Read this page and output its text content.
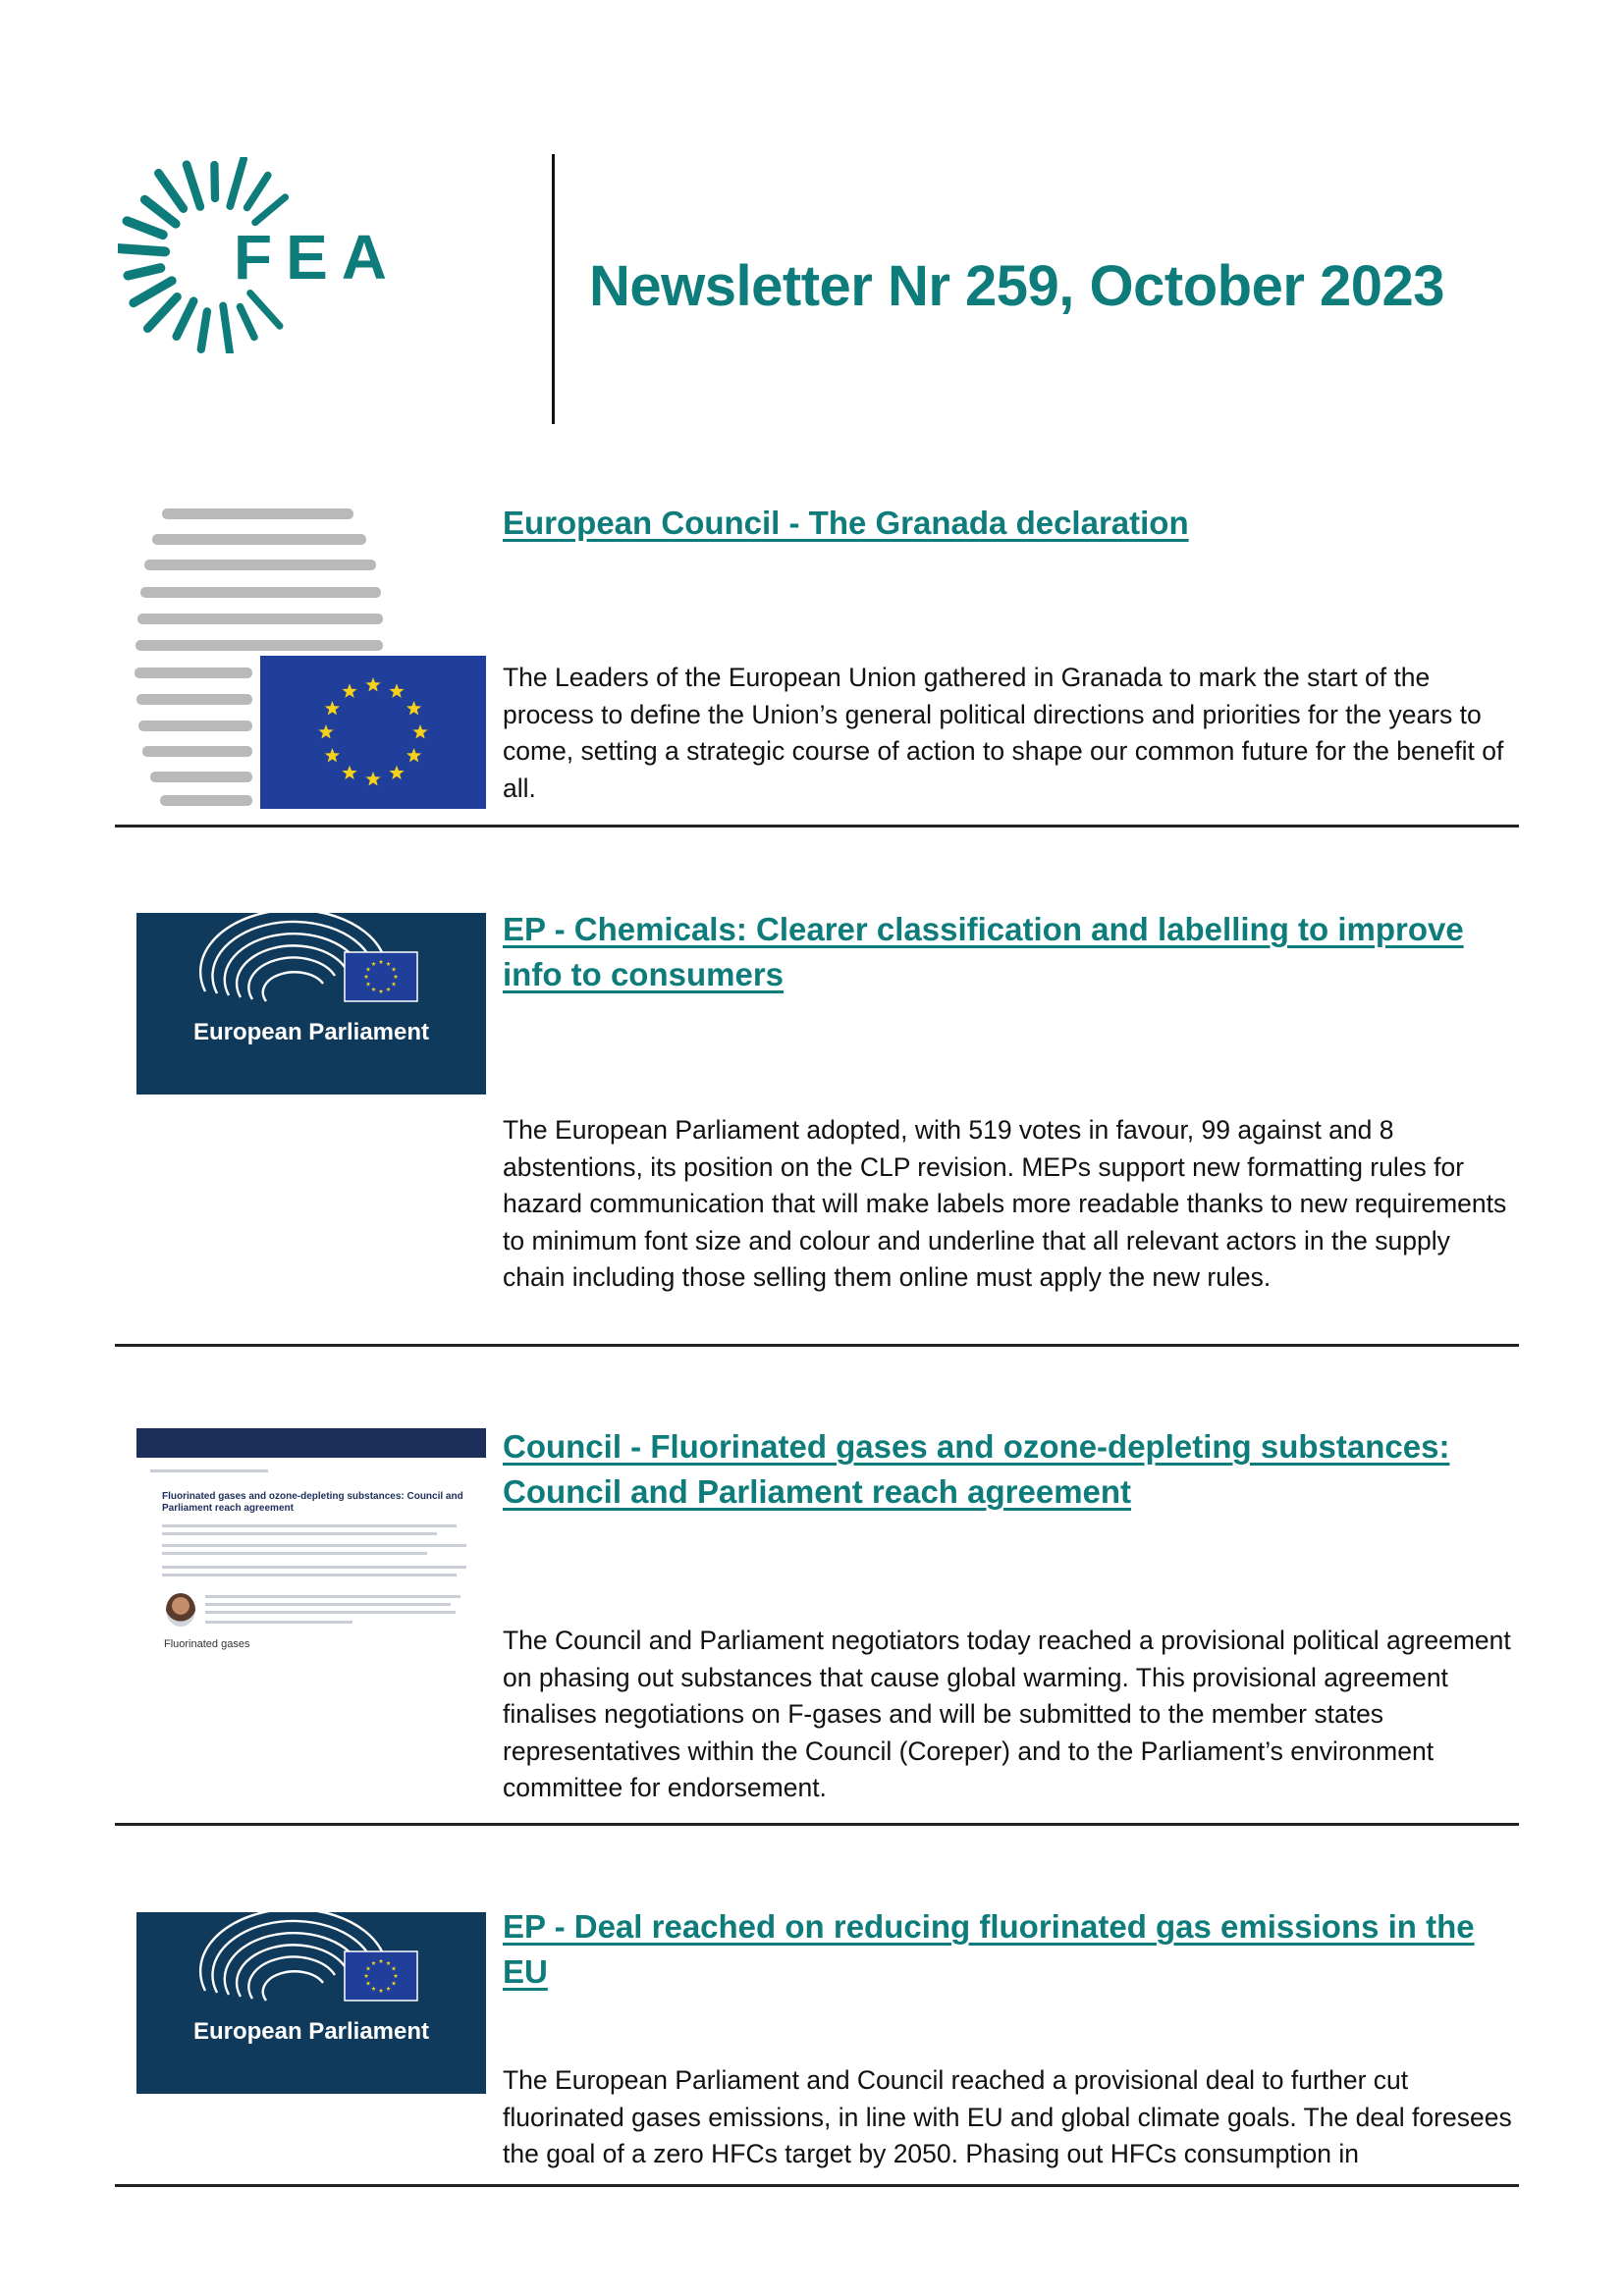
FEA	Newsletter Nr 259, October 2023
European Council - The Granada declaration
The Leaders of the European Union gathered in Granada to mark the start of the process to define the Union’s general political directions and priorities for the years to come, setting a strategic course of action to shape our common future for the benefit of all.
European Parliament
EP - Chemicals: Clearer classification and labelling to improve info to consumers
The European Parliament adopted, with 519 votes in favour, 99 against and 8 abstentions, its position on the CLP revision. MEPs support new formatting rules for hazard communication that will make labels more readable thanks to new requirements to minimum font size and colour and underline that all relevant actors in the supply chain including those selling them online must apply the new rules.
Fluorinated gases and ozone-depleting substances: Council and Parliament reach agreement
Fluorinated gases
Council - Fluorinated gases and ozone-depleting substances: Council and Parliament reach agreement
The Council and Parliament negotiators today reached a provisional political agreement on phasing out substances that cause global warming. This provisional agreement finalises negotiations on F-gases and will be submitted to the member states representatives within the Council (Coreper) and to the Parliament’s environment committee for endorsement.
European Parliament
EP - Deal reached on reducing fluorinated gas emissions in the EU
The European Parliament and Council reached a provisional deal to further cut fluorinated gases emissions, in line with EU and global climate goals. The deal foresees the goal of a zero HFCs target by 2050. Phasing out HFCs consumption in
